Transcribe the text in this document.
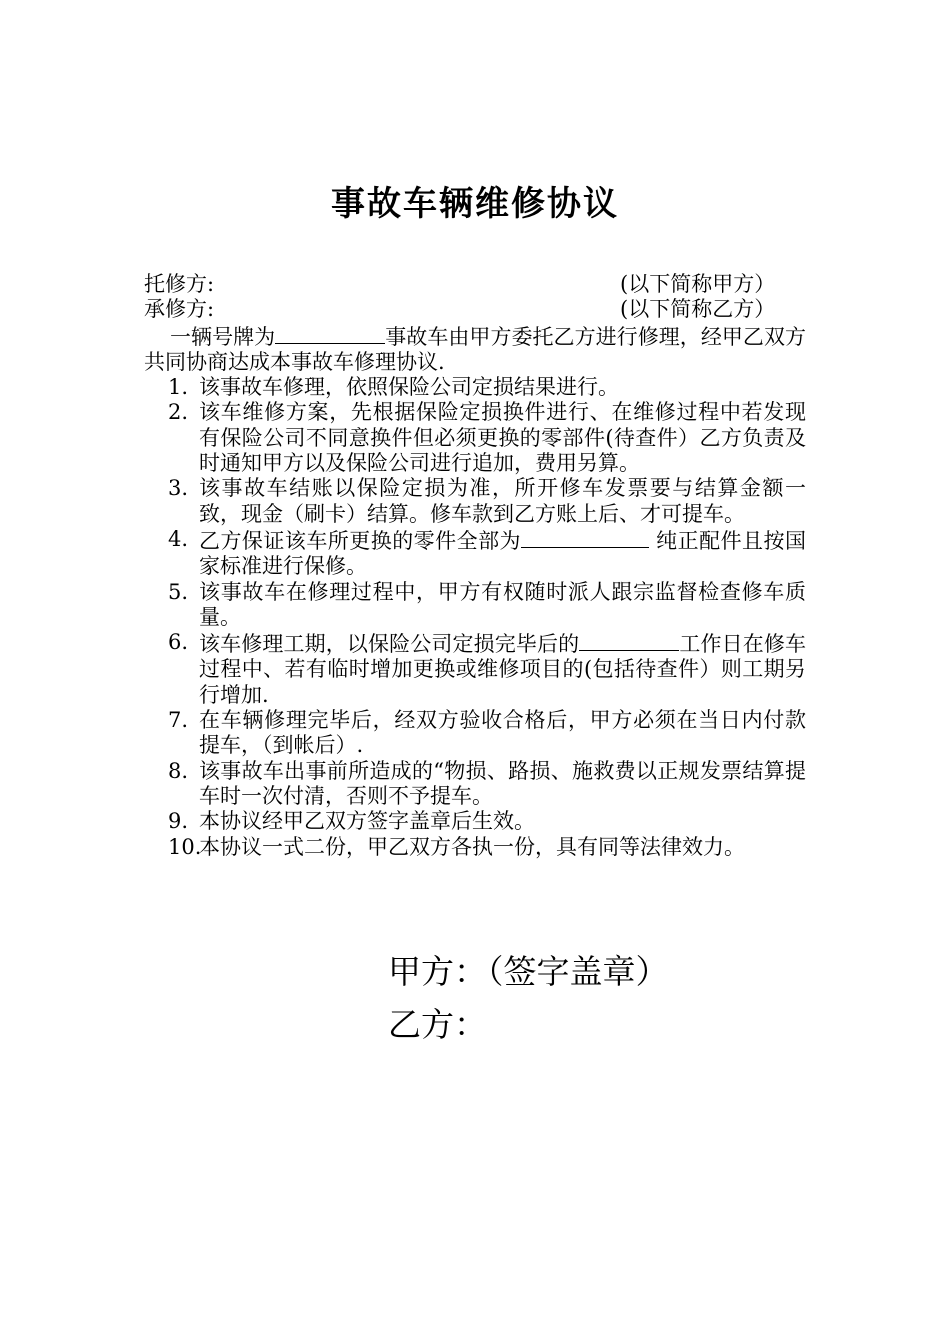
事故车辆维修协议
托修方:	(以下简称甲方）
承修方:	(以下简称乙方）
一辆号牌为	事故车由甲方委托乙方进行修理，经甲乙双方共同协商达成本事故车修理协议.
1. 该事故车修理，依照保险公司定损结果进行。
2. 该车维修方案，先根据保险定损换件进行、在维修过程中若发现有保险公司不同意换件但必须更换的零部件(待查件）乙方负责及时通知甲方以及保险公司进行追加，费用另算。
3. 该事故车结账以保险定损为准，所开修车发票要与结算金额一致，现金（刷卡）结算。修车款到乙方账上后、才可提车。
4. 乙方保证该车所更换的零件全部为	纯正配件且按国家标准进行保修。
5. 该事故车在修理过程中，甲方有权随时派人跟宗监督检查修车质量。
6. 该车修理工期，以保险公司定损完毕后的	工作日在修车过程中、若有临时增加更换或维修项目的(包括待查件）则工期另行增加.
7. 在车辆修理完毕后，经双方验收合格后，甲方必须在当日内付款提车，（到帐后）.
8. 该事故车出事前所造成的“物损、路损、施救费以正规发票结算提车时一次付清，否则不予提车。
9. 本协议经甲乙双方签字盖章后生效。
10.
本协议一式二份，甲乙双方各执一份，具有同等法律效力。
甲方：（签字盖章）
乙方：
